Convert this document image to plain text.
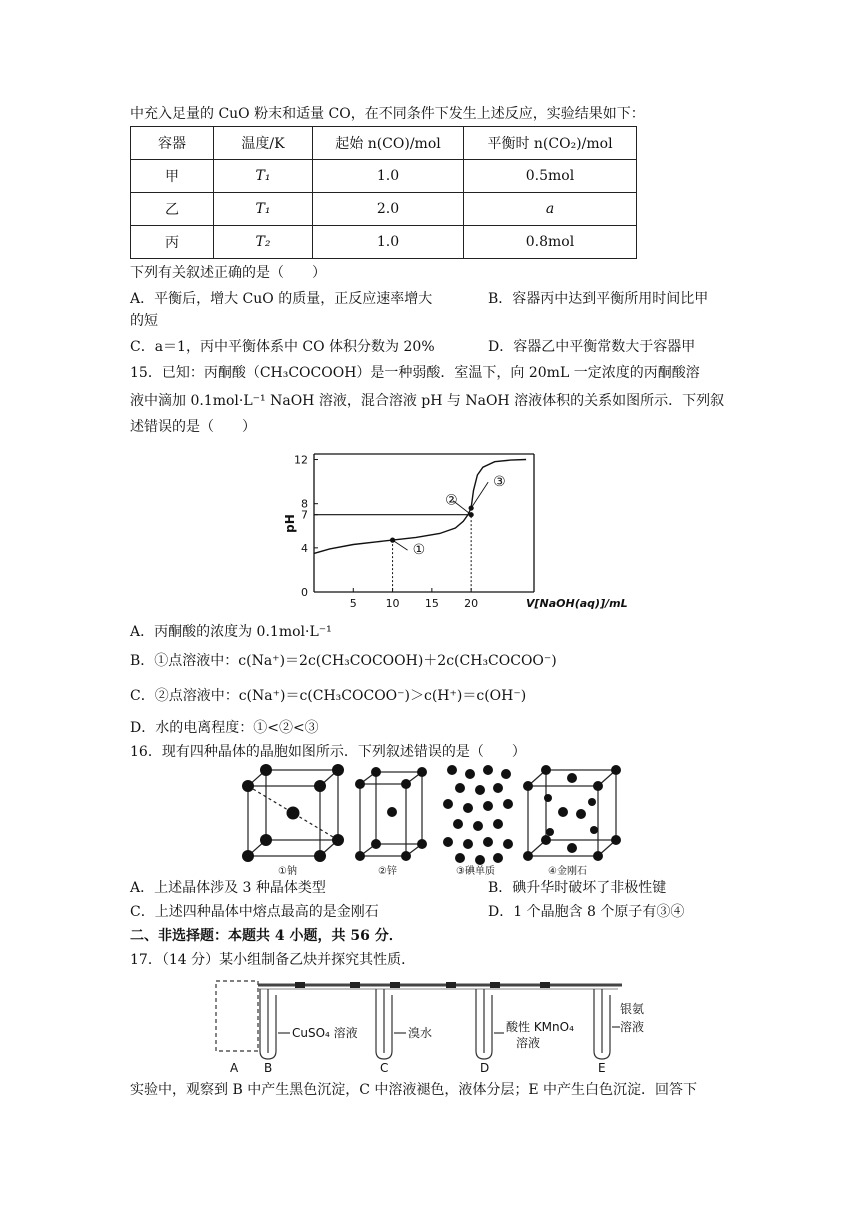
中充入足量的 CuO 粉末和适量 CO，在不同条件下发生上述反应，实验结果如下：
容器	温度/K	起始 n(CO)/mol	平衡时 n(CO₂)/mol
甲	T₁	1.0	0.5mol
乙	T₁	2.0	a
丙	T₂	1.0	0.8mol
下列有关叙述正确的是（　　）
A．平衡后，增大 CuO 的质量，正反应速率增大	B．容器丙中达到平衡所用时间比甲
的短
C．a＝1，丙中平衡体系中 CO 体积分数为 20%	D．容器乙中平衡常数大于容器甲
15．已知：丙酮酸（CH₃COCOOH）是一种弱酸．室温下，向 20mL 一定浓度的丙酮酸溶
液中滴加 0.1mol·L⁻¹ NaOH 溶液，混合溶液 pH 与 NaOH 溶液体积的关系如图所示．下列叙
述错误的是（　　）
5	10 15 20
4
7
8
12
0
V[NaOH(aq)]/mL
pH
①
②
③
A．丙酮酸的浓度为 0.1mol·L⁻¹
B．①点溶液中：c(Na⁺)＝2c(CH₃COCOOH)＋2c(CH₃COCOO⁻)
C．②点溶液中：c(Na⁺)＝c(CH₃COCOO⁻)＞c(H⁺)＝c(OH⁻)
D．水的电离程度：①<②<③
16．现有四种晶体的晶胞如图所示．下列叙述错误的是（　　）
①钠	②锌	③碘单质	④金刚石
A．上述晶体涉及 3 种晶体类型	B．碘升华时破坏了非极性键
C．上述四种晶体中熔点最高的是金刚石	D．1 个晶胞含 8 个原子有③④
二、非选择题：本题共 4 小题，共 56 分．
17．（14 分）某小组制备乙炔并探究其性质．
CuSO₄ 溶液	溴水	酸性 KMnO₄
溶液
银氨
溶液
A B	C	D	E
实验中，观察到 B 中产生黑色沉淀，C 中溶液褪色，液体分层；E 中产生白色沉淀．回答下
